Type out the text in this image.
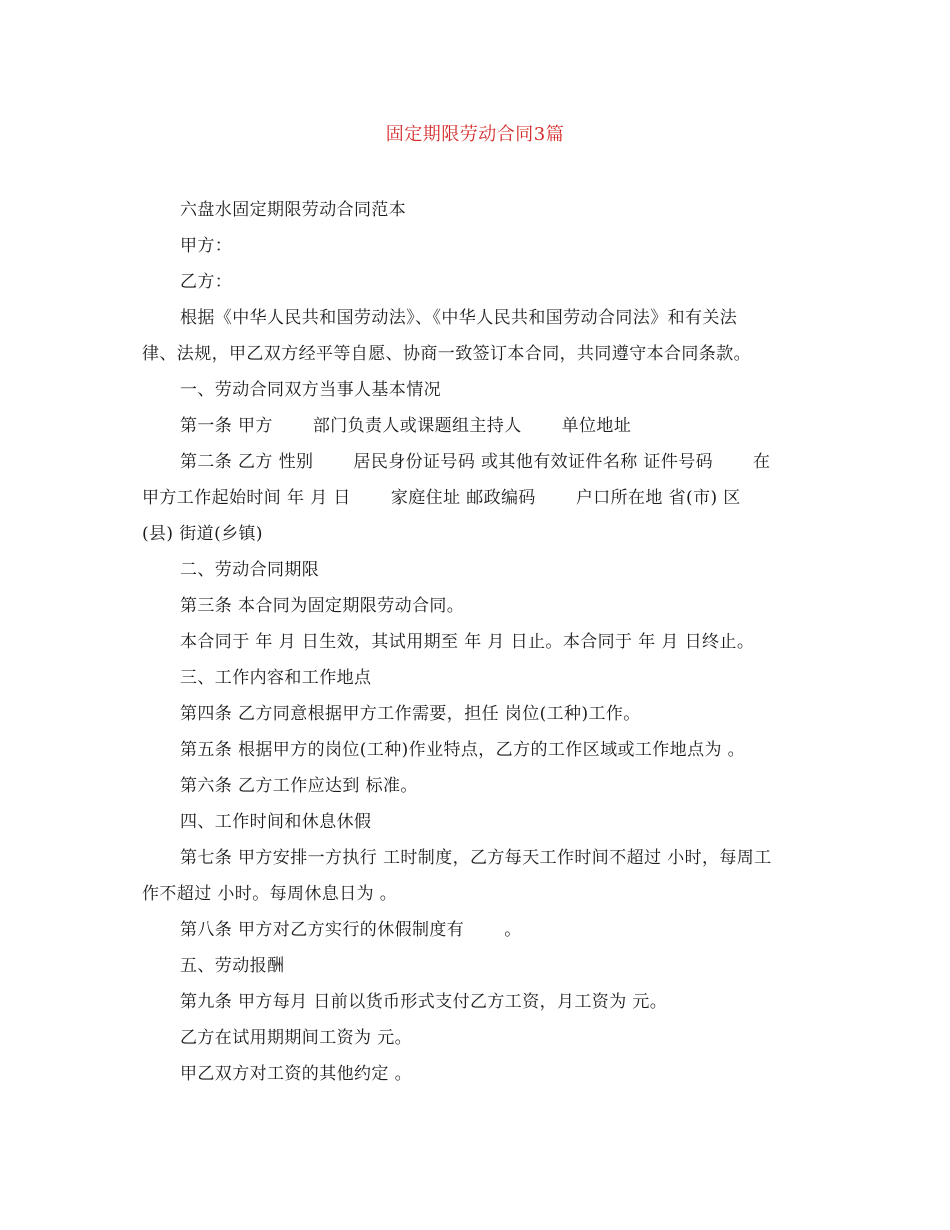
固定期限劳动合同3篇
六盘水固定期限劳动合同范本
甲方：
乙方：
根据《中华人民共和国劳动法》、《中华人民共和国劳动合同法》和有关法
律、法规，甲乙双方经平等自愿、协商一致签订本合同，共同遵守本合同条款。
一、劳动合同双方当事人基本情况
第一条 甲方 部门负责人或课题组主持人 单位地址
第二条 乙方 性别 居民身份证号码 或其他有效证件名称 证件号码 在
甲方工作起始时间 年 月 日 家庭住址 邮政编码 户口所在地 省(市) 区
(县) 街道(乡镇)
二、劳动合同期限
第三条 本合同为固定期限劳动合同。
本合同于 年 月 日生效，其试用期至 年 月 日止。本合同于 年 月 日终止。
三、工作内容和工作地点
第四条 乙方同意根据甲方工作需要，担任 岗位(工种)工作。
第五条 根据甲方的岗位(工种)作业特点，乙方的工作区域或工作地点为 。
第六条 乙方工作应达到 标准。
四、工作时间和休息休假
第七条 甲方安排一方执行 工时制度，乙方每天工作时间不超过 小时，每周工
作不超过 小时。每周休息日为 。
第八条 甲方对乙方实行的休假制度有 。
五、劳动报酬
第九条 甲方每月 日前以货币形式支付乙方工资，月工资为 元。
乙方在试用期期间工资为 元。
甲乙双方对工资的其他约定 。
